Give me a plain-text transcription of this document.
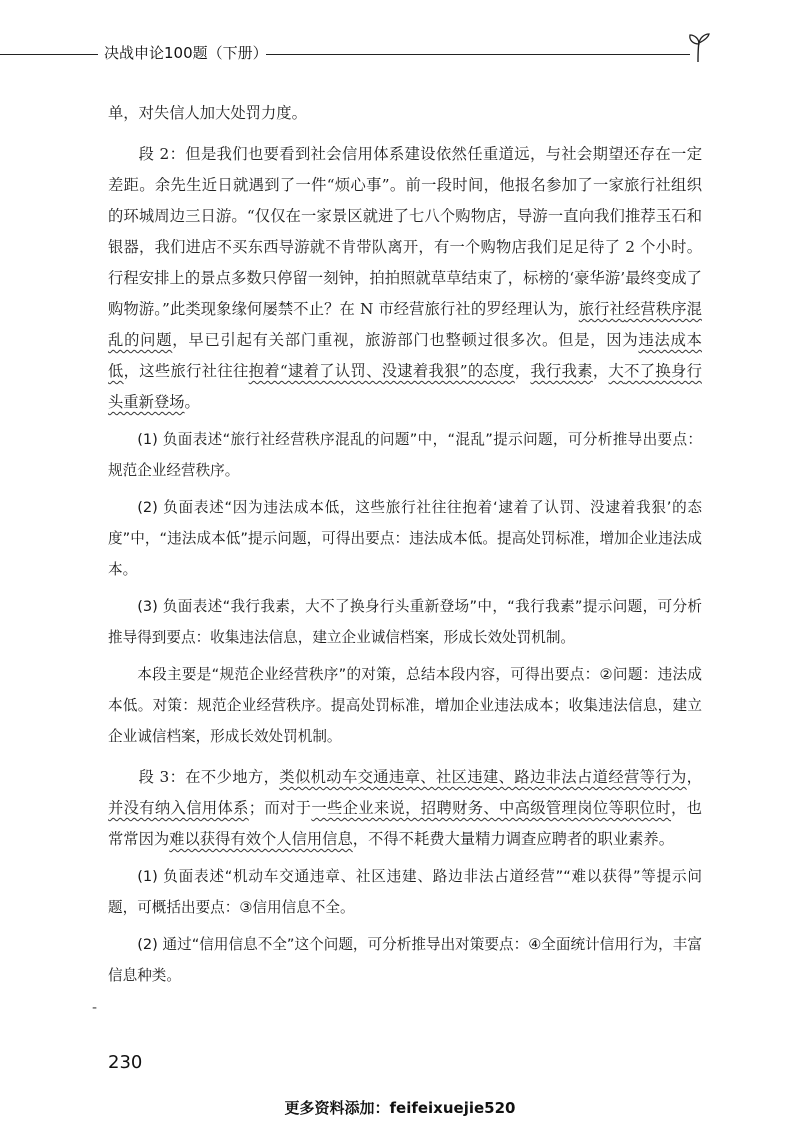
决战申论100题（下册）

单，对失信人加大处罚力度。

段 2：但是我们也要看到社会信用体系建设依然任重道远，与社会期望还存在一定差距。余先生近日就遇到了一件“烦心事”。前一段时间，他报名参加了一家旅行社组织的环城周边三日游。“仅仅在一家景区就进了七八个购物店，导游一直向我们推荐玉石和银器，我们进店不买东西导游就不肯带队离开，有一个购物店我们足足待了 2 个小时。行程安排上的景点多数只停留一刻钟，拍拍照就草草结束了，标榜的‘豪华游’最终变成了购物游。”此类现象缘何屡禁不止？在 N 市经营旅行社的罗经理认为，旅行社经营秩序混乱的问题，早已引起有关部门重视，旅游部门也整顿过很多次。但是，因为违法成本低，这些旅行社往往抱着“逮着了认罚、没逮着我狠”的态度，我行我素，大不了换身行头重新登场。

(1) 负面表述“旅行社经营秩序混乱的问题”中，“混乱”提示问题，可分析推导出要点：规范企业经营秩序。

(2) 负面表述“因为违法成本低，这些旅行社往往抱着‘逮着了认罚、没逮着我狠’的态度”中，“违法成本低”提示问题，可得出要点：违法成本低。提高处罚标准，增加企业违法成本。

(3) 负面表述“我行我素，大不了换身行头重新登场”中，“我行我素”提示问题，可分析推导得到要点：收集违法信息，建立企业诚信档案，形成长效处罚机制。

本段主要是“规范企业经营秩序”的对策，总结本段内容，可得出要点：②问题：违法成本低。对策：规范企业经营秩序。提高处罚标准，增加企业违法成本；收集违法信息，建立企业诚信档案，形成长效处罚机制。

段 3：在不少地方，类似机动车交通违章、社区违建、路边非法占道经营等行为，并没有纳入信用体系；而对于一些企业来说，招聘财务、中高级管理岗位等职位时，也常常因为难以获得有效个人信用信息，不得不耗费大量精力调查应聘者的职业素养。

(1) 负面表述“机动车交通违章、社区违建、路边非法占道经营”“难以获得”等提示问题，可概括出要点：③信用信息不全。

(2) 通过“信用信息不全”这个问题，可分析推导出对策要点：④全面统计信用行为，丰富信息种类。

-
230
更多资料添加：feifeixuejie520
